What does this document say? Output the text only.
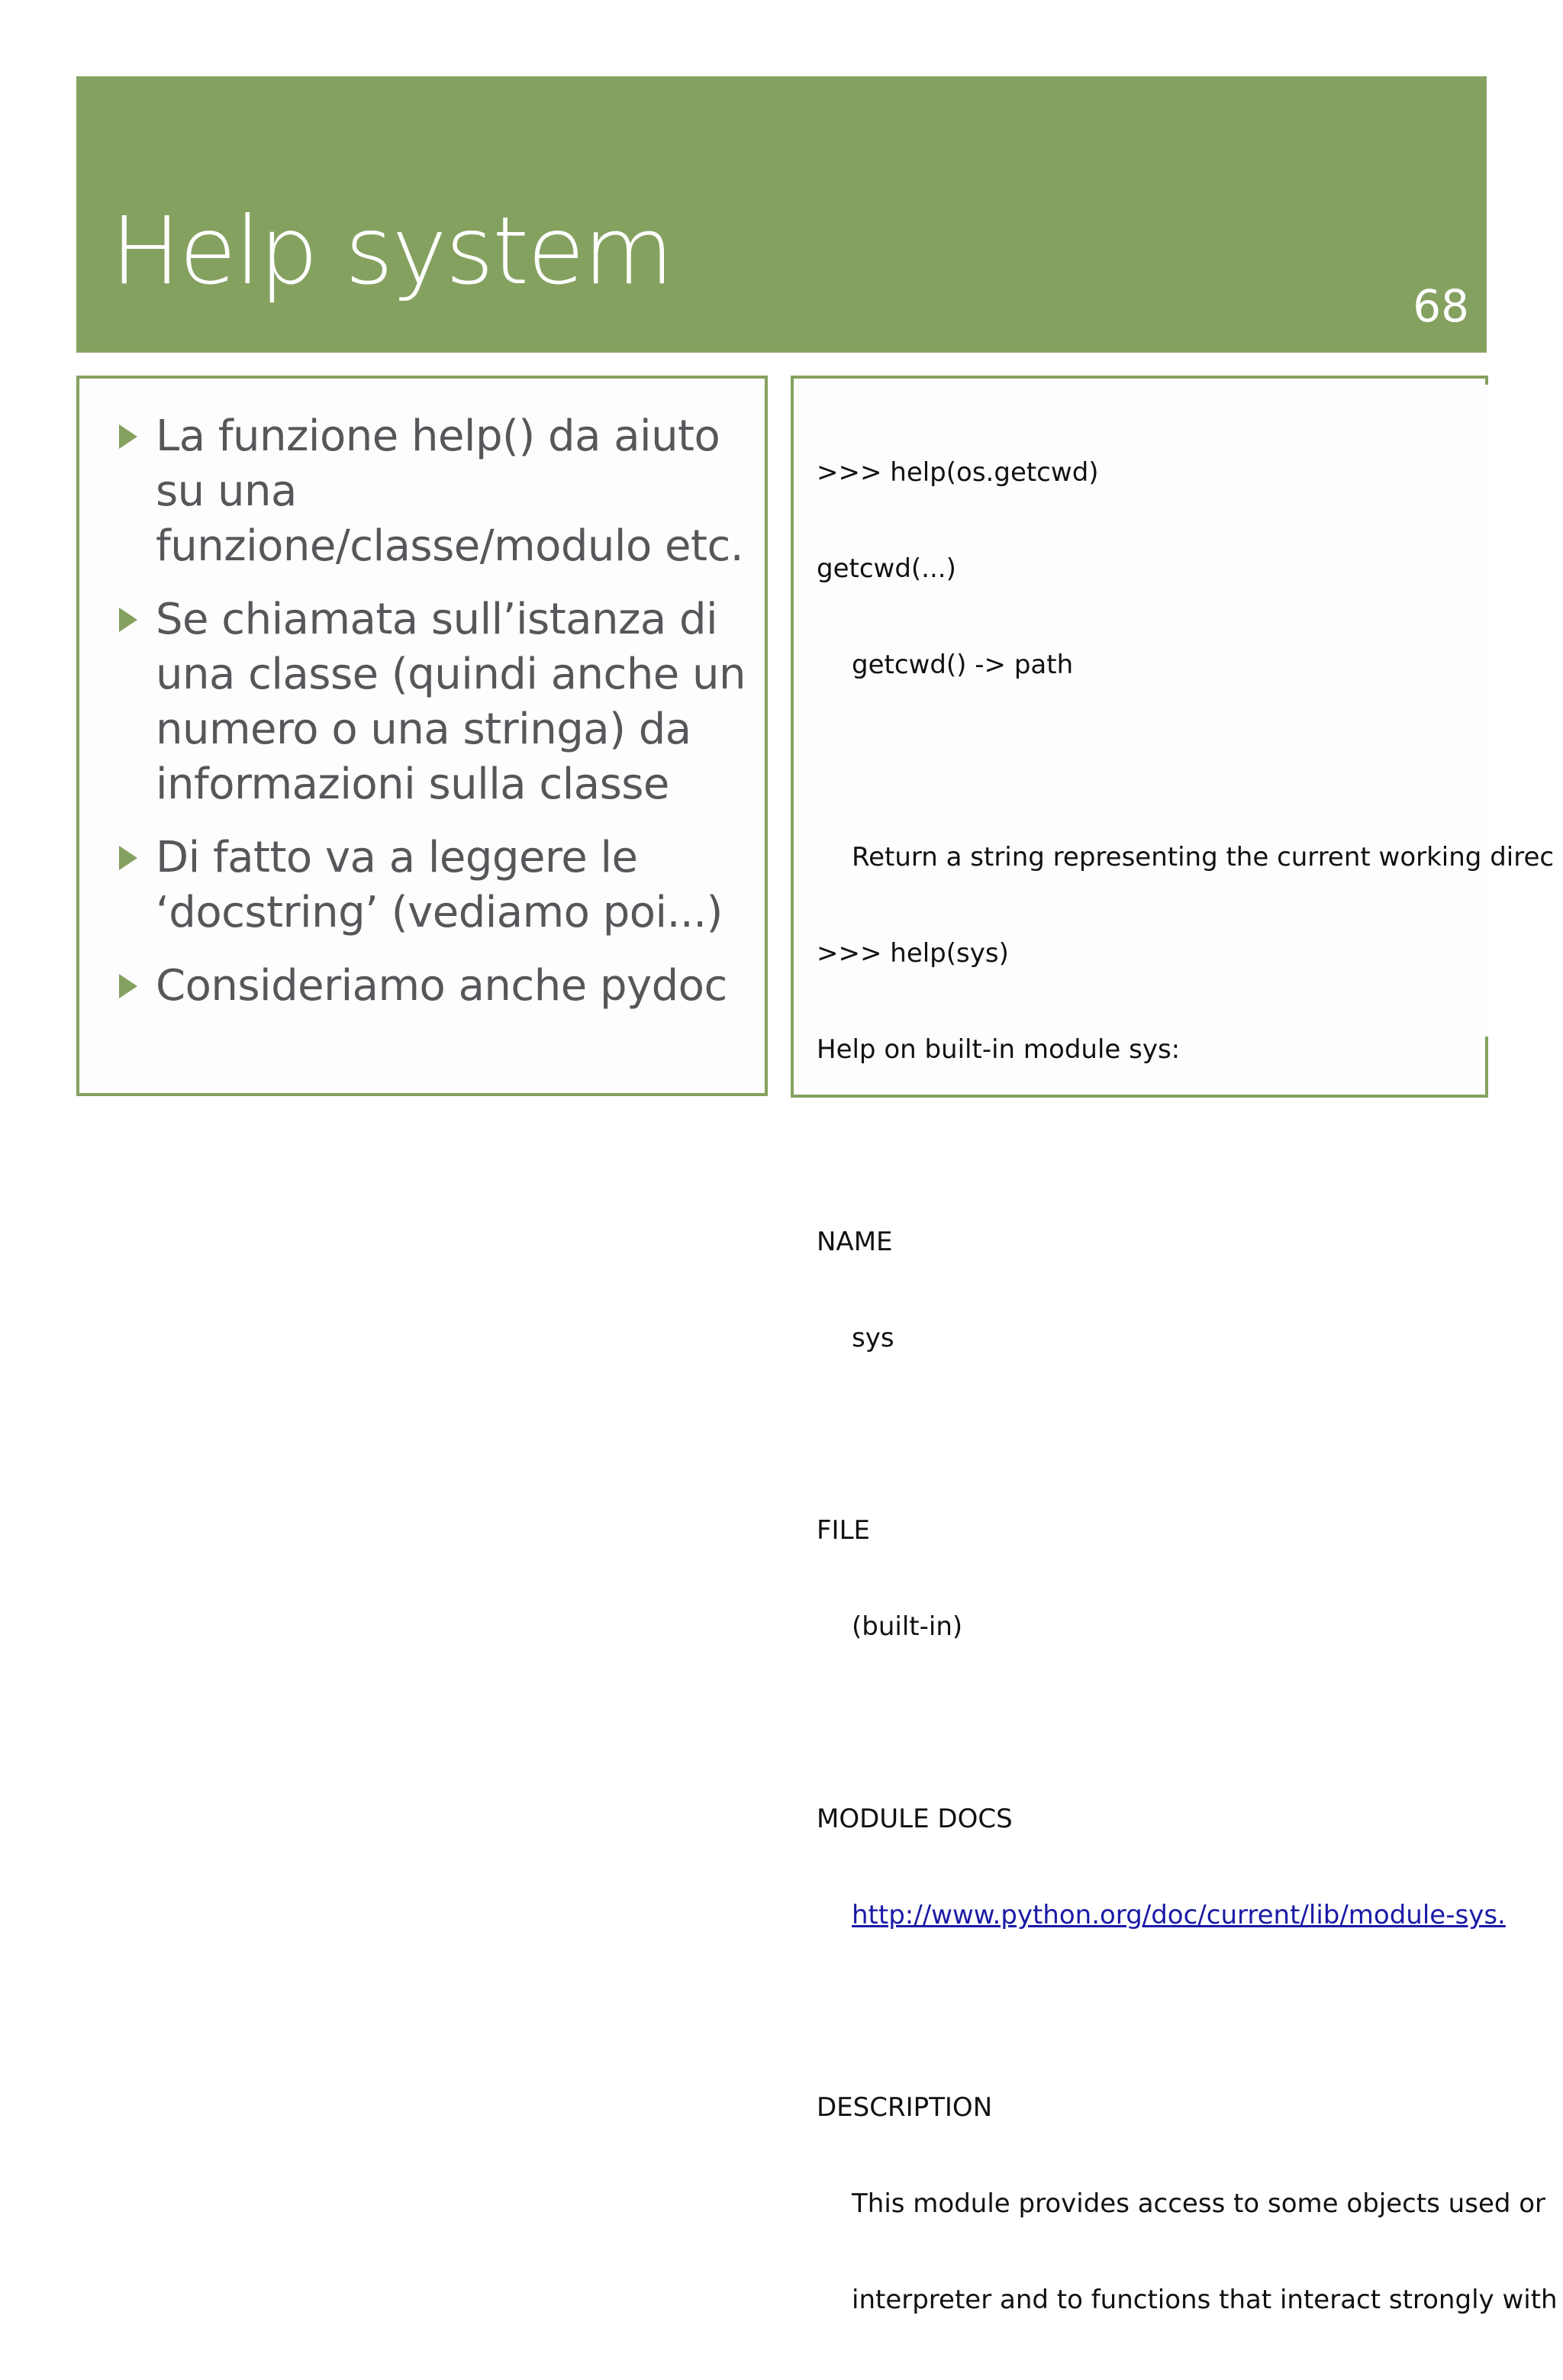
Help system
68
La funzione help() da aiuto su una funzione/classe/modulo etc.
Se chiamata sull’istanza di una classe (quindi anche un numero o una stringa) da informazioni sulla classe
Di fatto va a leggere le ‘docstring’ (vediamo poi...)
Consideriamo anche pydoc

>>> help(os.getcwd)

getcwd(...)

getcwd() -> path

Return a string representing the current working direc

>>> help(sys)

Help on built-in module sys:

NAME

sys

FILE

(built-in)

MODULE DOCS

http://www.python.org/doc/current/lib/module-sys.

DESCRIPTION

This module provides access to some objects used or

interpreter and to functions that interact strongly with
